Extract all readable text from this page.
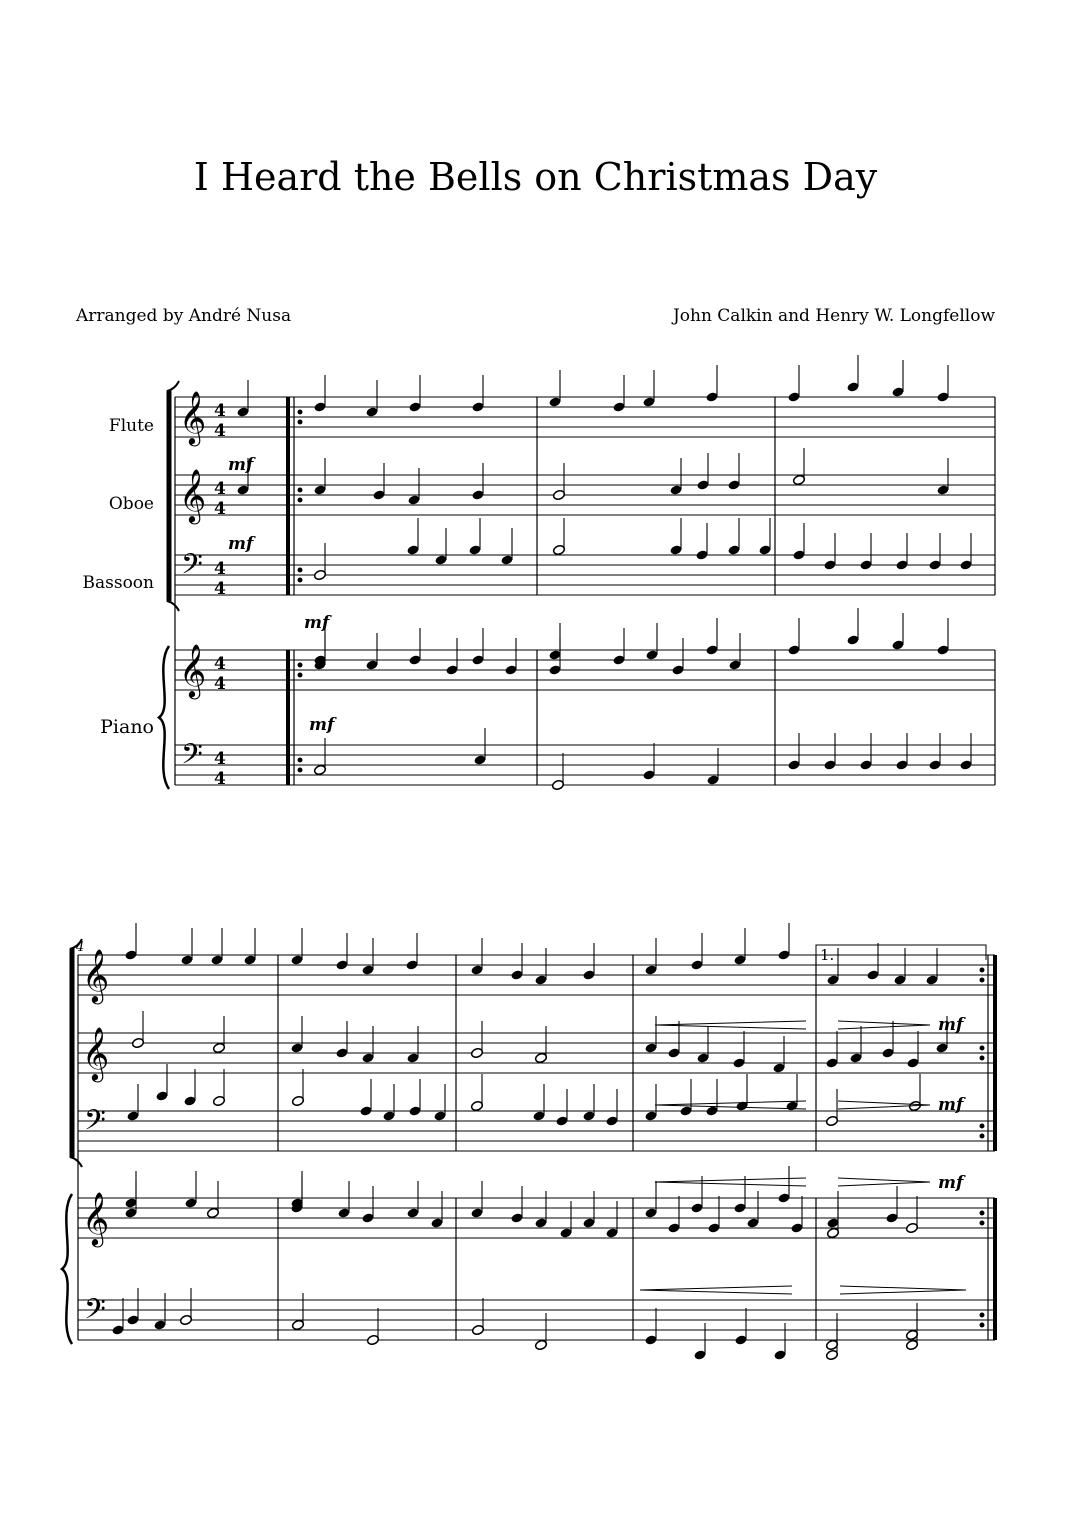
I Heard the Bells on Christmas Day
Arranged by André Nusa	John Calkin and Henry W. Longfellow
Flute
Oboe
Bassoon
Piano
4	1.
𝄞
𝄞
𝄞
𝄢
𝄢
𝄞
𝄞
𝄞
𝄢
𝄢
4
4
4
4
4
4
4
4
4
4
mf
mf
mf
mf
mf
mf
mf
